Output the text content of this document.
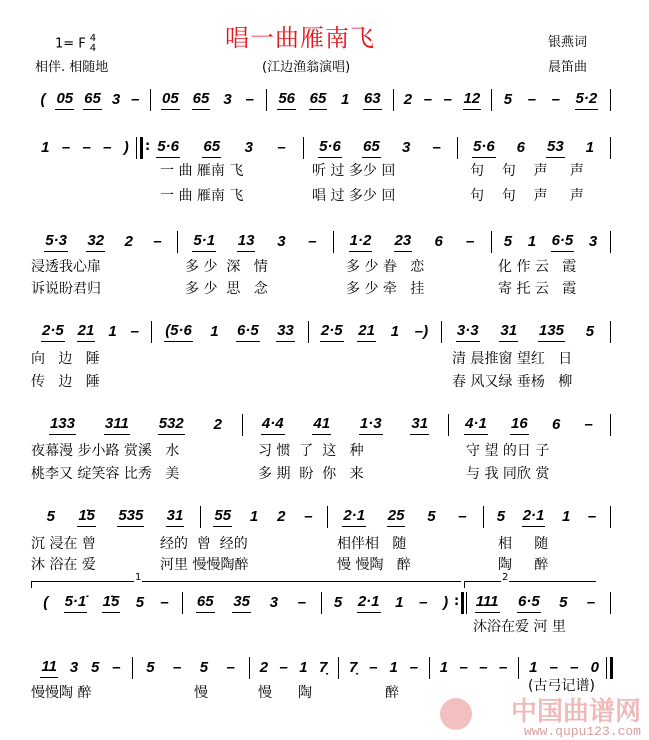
唱一曲雁南飞
1= F 4
4
相伴. 相随地	(江边渔翁演唱)
银燕词
晨笛曲
( 05 65 3 – 05 65 3 – 56 65 1 63 2 – – 12 5 – – 5·2
1 – – – ) 5·6 65 3 – 5·6 65 3 – 5·6 6 53 1
:
一 曲 雁南 飞	听 过 多少 回	句    句    声     声
一 曲 雁南 飞	唱 过 多少 回	句    句    声     声
5·3 32 2 – 5·1 13 3 – 1·2 23 6 – 5 1 6·5 3
浸透我心扉	多 少  深   情	多 少 眷   恋	化 作 云   霞
诉说盼君归	多 少  思   念	多 少 牵   挂	寄 托 云   霞
2·5 21 1 – (5·6 1 6·5 33 2·5 21 1 –) 3·3 31 135 5
向   边   陲	清 晨推窗 望红   日
传   边   陲	春 风又绿 垂杨   柳
133 311 532 2	4·4 41 1·3 31 4·1 16 6 –
夜幕漫 步小路 赏溪   水	习 惯  了  这   种	守 望 的日 子
桃李又 绽笑容 比秀   美	多 期  盼  你   来	与 我 同欣 赏
5 1̇5 535 31 55 1 2 – 2·1 25 5 – 5 2·1 1 –
沉 浸在 曾	经的  曾  经的	相伴相   随	相     随
沐 浴在 爱	河里 慢慢陶醉	慢 慢陶   醉	陶     醉
( 5·1̇ 1̇5 5 – 65 35 3 – 5 2·1 1 – ) 111 6·5 5 –
:
1	2
沐浴在爱 河 里
11 3 5 – 5 – 5 – 2 – 1 7̣ 7̣ – 1 – 1 – – – 1 – – 0
慢慢陶 醉	慢	慢 陶	醉	(古弓记谱)
中国曲谱网
www.qupu123.com
